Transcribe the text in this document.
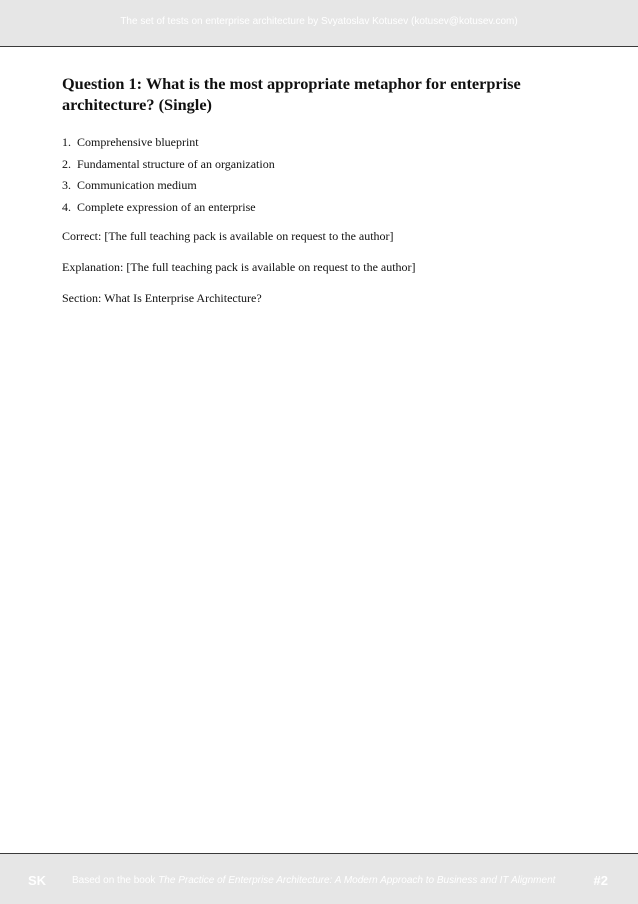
The set of tests on enterprise architecture by Svyatoslav Kotusev (kotusev@kotusev.com)
Question 1: What is the most appropriate metaphor for enterprise architecture? (Single)
1. Comprehensive blueprint
2. Fundamental structure of an organization
3. Communication medium
4. Complete expression of an enterprise

Correct: [The full teaching pack is available on request to the author]

Explanation: [The full teaching pack is available on request to the author]

Section: What Is Enterprise Architecture?

SK	Based on the book The Practice of Enterprise Architecture: A Modern Approach to Business and IT Alignment	#2
